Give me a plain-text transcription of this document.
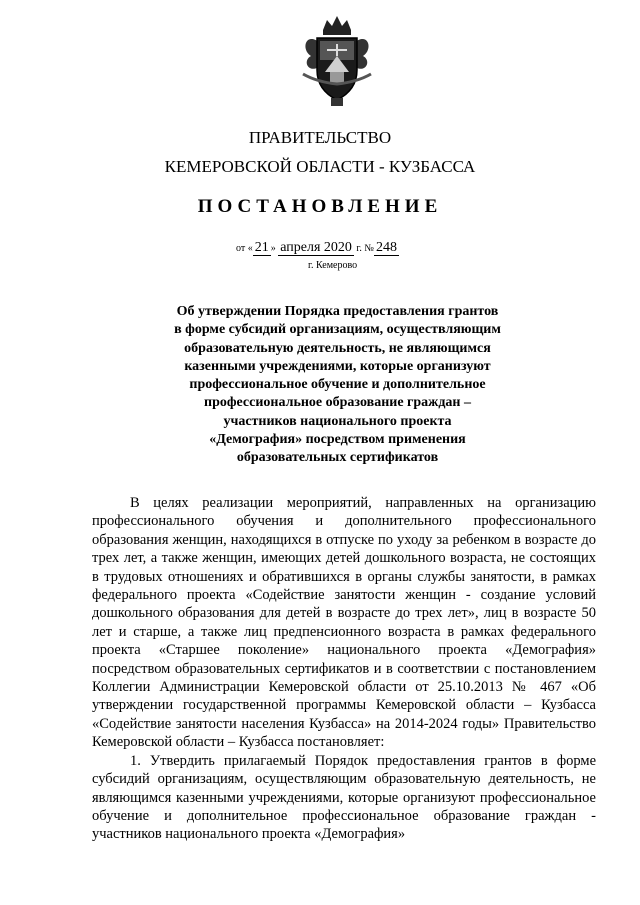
ПРАВИТЕЛЬСТВО
КЕМЕРОВСКОЙ ОБЛАСТИ - КУЗБАССА
ПОСТАНОВЛЕНИЕ
от « 21 » апреля 2020 г. № 248
г. Кемерово
Об утверждении Порядка предоставления грантов
в форме субсидий организациям, осуществляющим
образовательную деятельность, не являющимся
казенными учреждениями, которые организуют
профессиональное обучение и дополнительное
профессиональное образование граждан –
участников национального проекта
«Демография» посредством применения
образовательных сертификатов

В целях реализации мероприятий, направленных на организацию профессионального обучения и дополнительного профессионального образования женщин, находящихся в отпуске по уходу за ребенком в возрасте до трех лет, а также женщин, имеющих детей дошкольного возраста, не состоящих в трудовых отношениях и обратившихся в органы службы занятости, в рамках федерального проекта «Содействие занятости женщин - создание условий дошкольного образования для детей в возрасте до трех лет», лиц в возрасте 50 лет и старше, а также лиц предпенсионного возраста в рамках федерального проекта «Старшее поколение» национального проекта «Демография» посредством образовательных сертификатов и в соответствии с постановлением Коллегии Администрации Кемеровской области от 25.10.2013 № 467 «Об утверждении государственной программы Кемеровской области – Кузбасса «Содействие занятости населения Кузбасса» на 2014-2024 годы» Правительство Кемеровской области – Кузбасса постановляет:

1. Утвердить прилагаемый Порядок предоставления грантов в форме субсидий организациям, осуществляющим образовательную деятельность, не являющимся казенными учреждениями, которые организуют профессиональное обучение и дополнительное профессиональное образование граждан - участников национального проекта «Демография»
